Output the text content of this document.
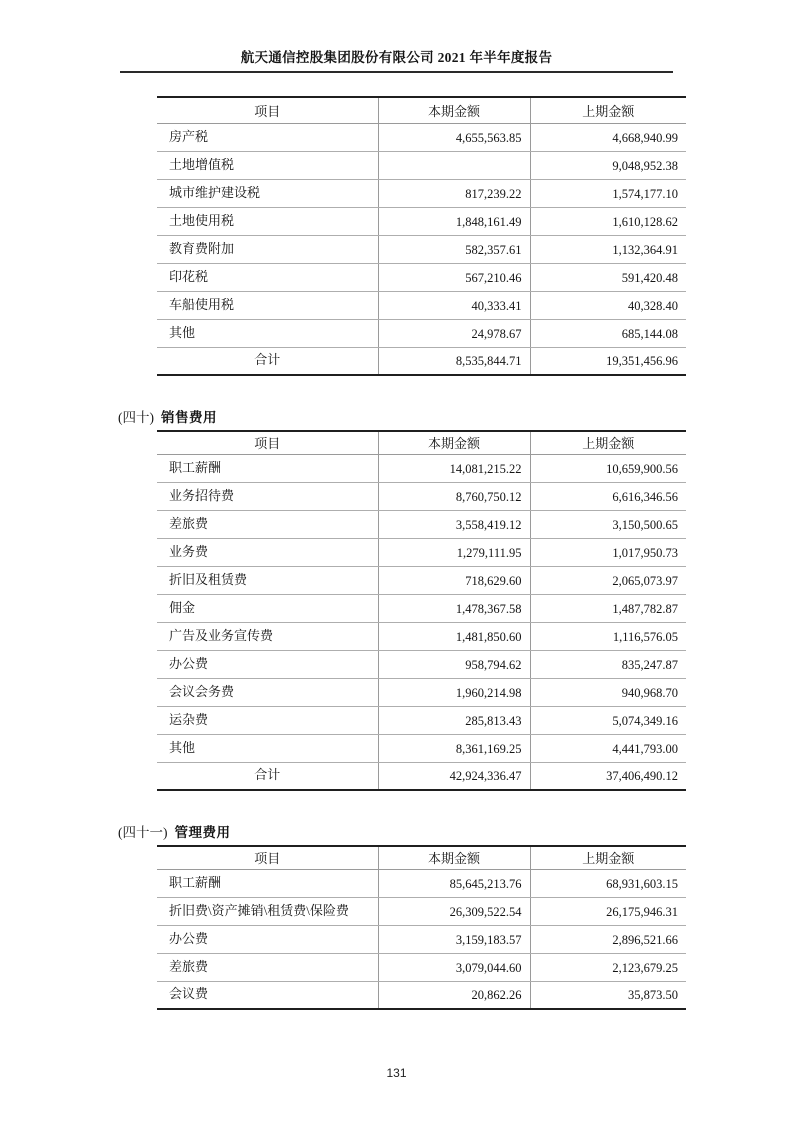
航天通信控股集团股份有限公司 2021 年半年度报告
项目	本期金额	上期金额
房产税	4,655,563.85	4,668,940.99
土地增值税		9,048,952.38
城市维护建设税	817,239.22	1,574,177.10
土地使用税	1,848,161.49	1,610,128.62
教育费附加	582,357.61	1,132,364.91
印花税	567,210.46	591,420.48
车船使用税	40,333.41	40,328.40
其他	24,978.67	685,144.08
合计	8,535,844.71	19,351,456.96
(四十) 销售费用
项目	本期金额	上期金额
职工薪酬	14,081,215.22	10,659,900.56
业务招待费	8,760,750.12	6,616,346.56
差旅费	3,558,419.12	3,150,500.65
业务费	1,279,111.95	1,017,950.73
折旧及租赁费	718,629.60	2,065,073.97
佣金	1,478,367.58	1,487,782.87
广告及业务宣传费	1,481,850.60	1,116,576.05
办公费	958,794.62	835,247.87
会议会务费	1,960,214.98	940,968.70
运杂费	285,813.43	5,074,349.16
其他	8,361,169.25	4,441,793.00
合计	42,924,336.47	37,406,490.12
(四十一) 管理费用
项目	本期金额	上期金额
职工薪酬	85,645,213.76	68,931,603.15
折旧费\资产摊销\租赁费\保险费	26,309,522.54	26,175,946.31
办公费	3,159,183.57	2,896,521.66
差旅费	3,079,044.60	2,123,679.25
会议费	20,862.26	35,873.50
131
